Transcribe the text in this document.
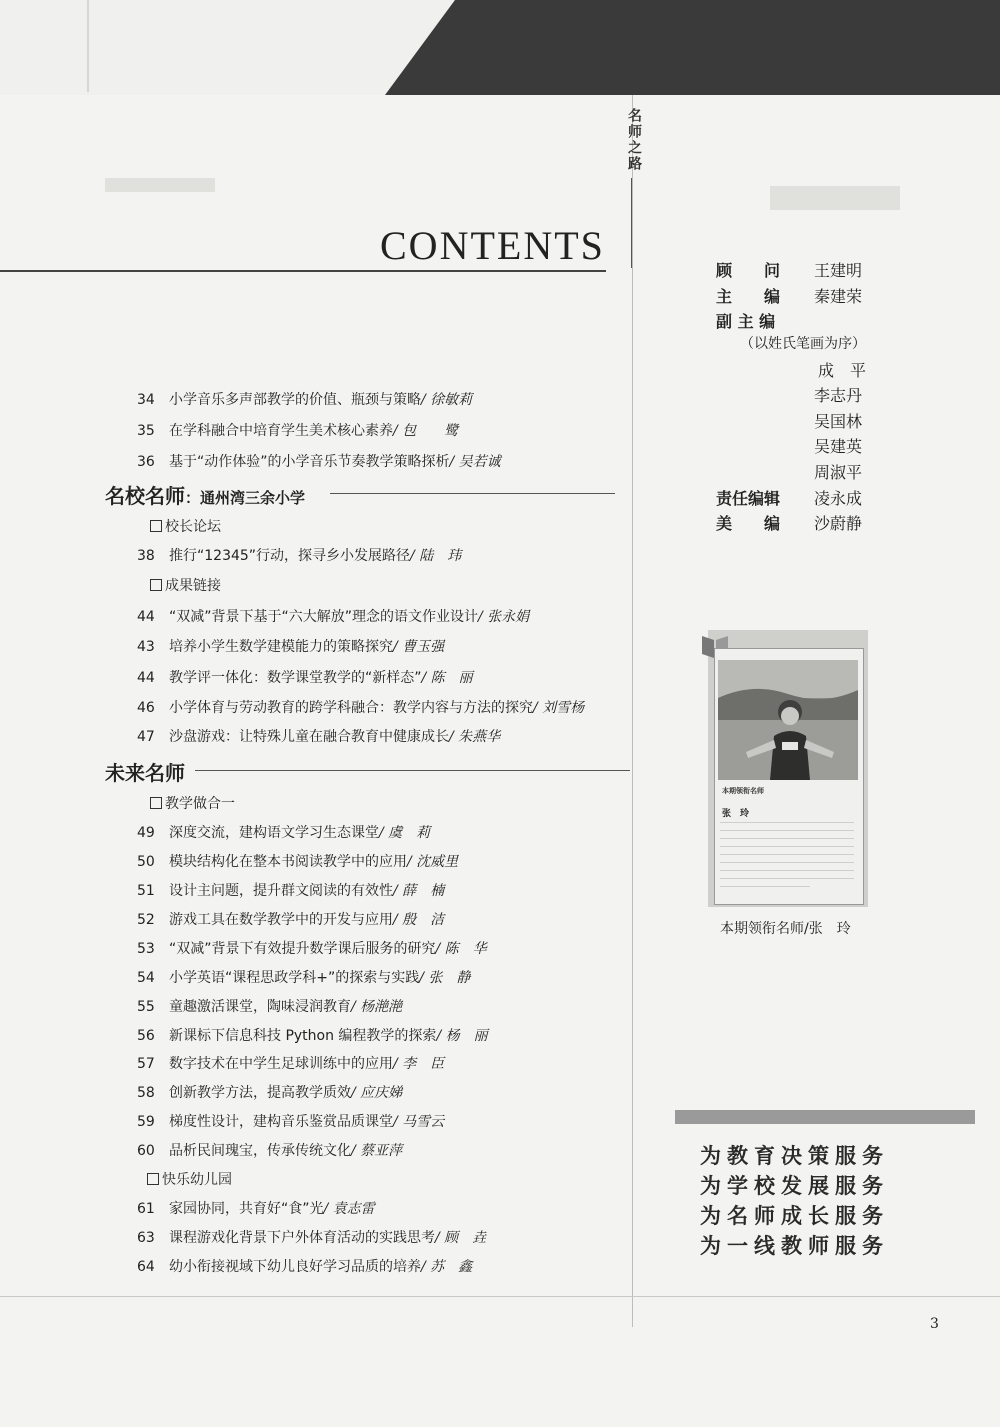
名师之路
CONTENTS
34 小学音乐多声部教学的价值、瓶颈与策略/ 徐敏莉
35 在学科融合中培育学生美术核心素养/ 包　　鹭
36 基于“动作体验”的小学音乐节奏教学策略探析/ 吴若诚
名校名师：通州湾三余小学
校长论坛
38 推行“12345”行动，探寻乡小发展路径/ 陆　玮
成果链接
44 “双减”背景下基于“六大解放”理念的语文作业设计/ 张永娟
43 培养小学生数学建模能力的策略探究/ 曹玉强
44 教学评一体化：数学课堂教学的“新样态”/ 陈　丽
46 小学体育与劳动教育的跨学科融合：教学内容与方法的探究/ 刘雪杨
47 沙盘游戏：让特殊儿童在融合教育中健康成长/ 朱燕华
未来名师
教学做合一
49 深度交流，建构语文学习生态课堂/ 虞　莉
50 模块结构化在整本书阅读教学中的应用/ 沈威里
51 设计主问题，提升群文阅读的有效性/ 薛　楠
52 游戏工具在数学教学中的开发与应用/ 殷　洁
53 “双减”背景下有效提升数学课后服务的研究/ 陈　华
54 小学英语“课程思政学科+”的探索与实践/ 张　静
55 童趣激活课堂，陶味浸润教育/ 杨滟滟
56 新课标下信息科技 Python 编程教学的探索/ 杨　丽
57 数字技术在中学生足球训练中的应用/ 李　臣
58 创新教学方法，提高教学质效/ 应庆娣
59 梯度性设计，建构音乐鉴赏品质课堂/ 马雪云
60 品析民间瑰宝，传承传统文化/ 蔡亚萍
快乐幼儿园
61 家园协同，共育好“食”光/ 袁志雷
63 课程游戏化背景下户外体育活动的实践思考/ 顾　垚
64 幼小衔接视域下幼儿良好学习品质的培养/ 苏　鑫
顾　　问 王建明
主　　编 秦建荣
副 主 编
（以姓氏笔画为序）
成　平
李志丹
吴国林
吴建英
周淑平
责任编辑 凌永成
美　　编 沙蔚静
本期领衔名师
张　玲
本期领衔名师/张　玲
为教育决策服务
为学校发展服务
为名师成长服务
为一线教师服务
3
